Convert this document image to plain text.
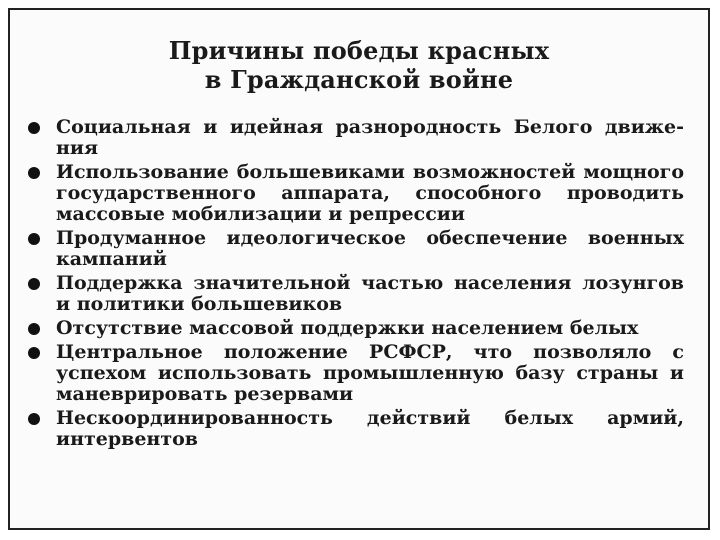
Причины победы красных
в Гражданской войне
Социальная и идейная разнородность Белого движе-ния
Использование большевиками возможностей мощного государственного аппарата, способного проводить массовые мобилизации и репрессии
Продуманное идеологическое обеспечение военных кампаний
Поддержка значительной частью населения лозунгов и политики большевиков
Отсутствие массовой поддержки населением белых
Центральное положение РСФСР, что позволяло с успехом использовать промышленную базу страны и маневрировать резервами
Нескоординированность действий белых армий, интервентов
